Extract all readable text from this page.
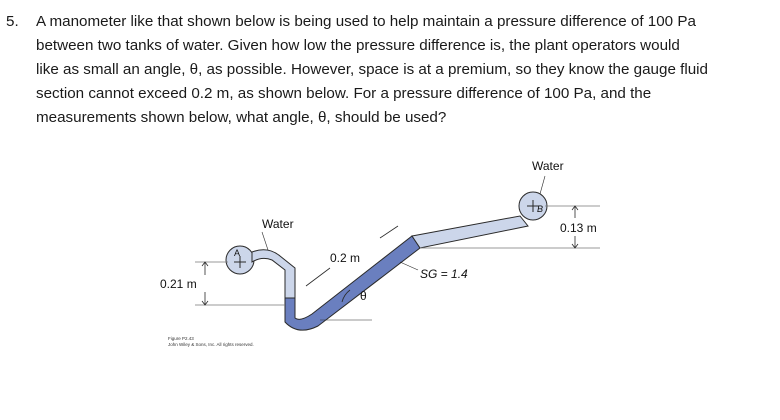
5. A manometer like that shown below is being used to help maintain a pressure difference of 100 Pa
between two tanks of water. Given how low the pressure difference is, the plant operators would
like as small an angle, θ, as possible. However, space is at a premium, so they know the gauge fluid
section cannot exceed 0.2 m, as shown below. For a pressure difference of 100 Pa, and the
measurements shown below, what angle, θ, should be used?
Water
Water
A
B
0.21 m
0.13 m
0.2 m
SG = 1.4
θ
Figure P2.43
John Wiley & Sons, Inc. All rights reserved.
